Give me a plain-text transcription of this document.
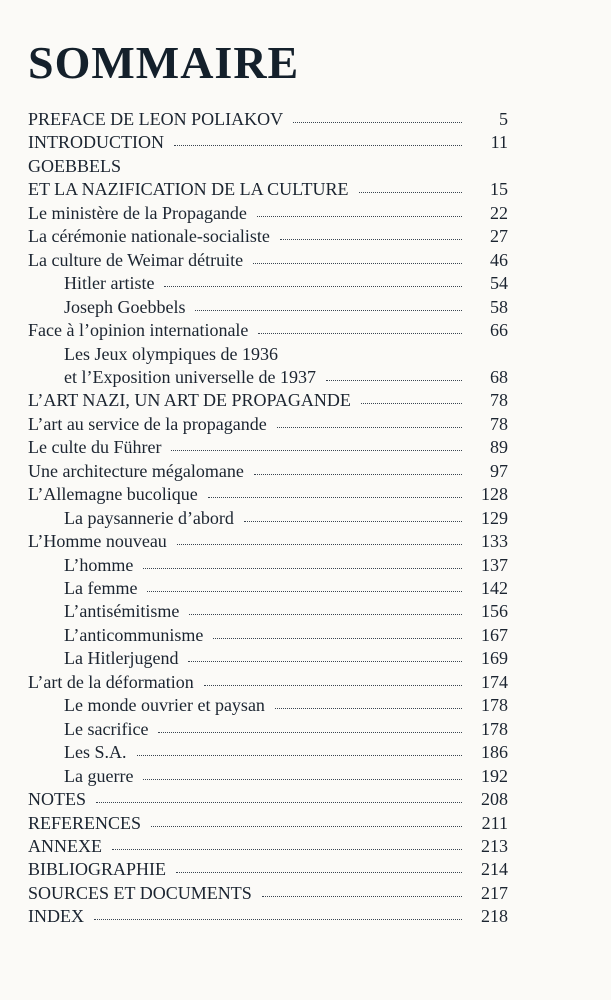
SOMMAIRE
PREFACE DE LEON POLIAKOV	5
INTRODUCTION	11
GOEBBELS
ET LA NAZIFICATION DE LA CULTURE	15
Le ministère de la Propagande	22
La cérémonie nationale-socialiste	27
La culture de Weimar détruite	46
Hitler artiste	54
Joseph Goebbels	58
Face à l’opinion internationale	66
Les Jeux olympiques de 1936
et l’Exposition universelle de 1937	68
L’ART NAZI, UN ART DE PROPAGANDE	78
L’art au service de la propagande	78
Le culte du Führer	89
Une architecture mégalomane	97
L’Allemagne bucolique	128
La paysannerie d’abord	129
L’Homme nouveau	133
L’homme	137
La femme	142
L’antisémitisme	156
L’anticommunisme	167
La Hitlerjugend	169
L’art de la déformation	174
Le monde ouvrier et paysan	178
Le sacrifice	178
Les S.A.	186
La guerre	192
NOTES	208
REFERENCES	211
ANNEXE	213
BIBLIOGRAPHIE	214
SOURCES ET DOCUMENTS	217
INDEX	218
